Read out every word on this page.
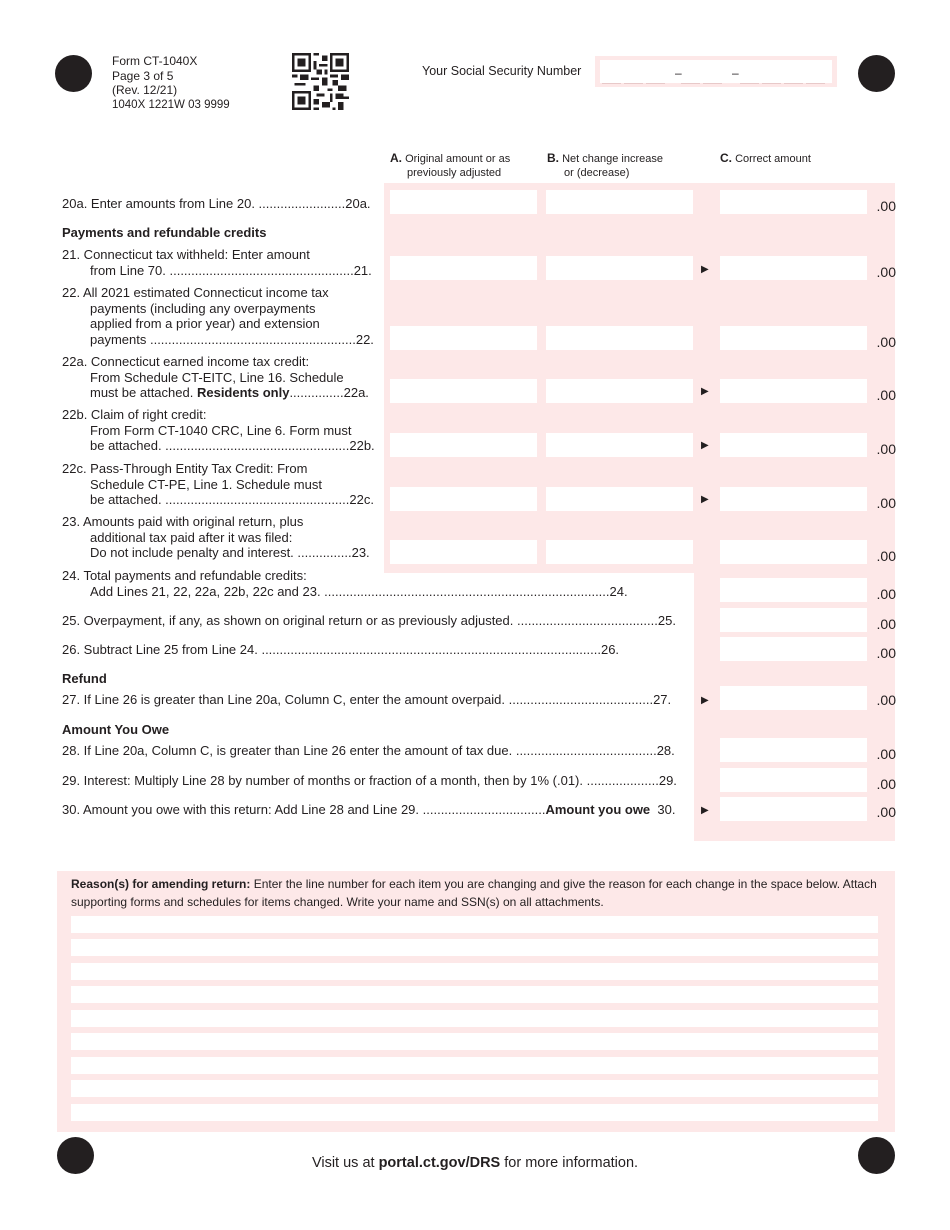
Form CT-1040X
Page 3 of 5
(Rev. 12/21)
1040X 1221W 03 9999
Your Social Security Number	–	–
A. Original amount or as
previously adjusted
B. Net change increase
or (decrease)
C. Correct amount
20a. Enter amounts from Line 20. ........................20a.	.00
Payments and refundable credits
21. Connecticut tax withheld: Enter amount
from Line 70. ...................................................21.	▶	.00
22. All 2021 estimated Connecticut income tax
payments (including any overpayments
applied from a prior year) and extension
payments .........................................................22.	.00
22a. Connecticut earned income tax credit:
From Schedule CT-EITC, Line 16. Schedule
must be attached. Residents only...............22a.	▶	.00
22b. Claim of right credit:
From Form CT-1040 CRC, Line 6. Form must
be attached. ...................................................22b.	▶	.00
22c. Pass-Through Entity Tax Credit: From
Schedule CT-PE, Line 1. Schedule must
be attached. ...................................................22c.	▶	.00
23. Amounts paid with original return, plus
additional tax paid after it was filed:
Do not include penalty and interest. ...............23.	.00
24. Total payments and refundable credits:
Add Lines 21, 22, 22a, 22b, 22c and 23. ...............................................................................24.	.00
25. Overpayment, if any, as shown on original return or as previously adjusted. .......................................25.	.00
26. Subtract Line 25 from Line 24. ..............................................................................................26.	.00
Refund
27. If Line 26 is greater than Line 20a, Column C, enter the amount overpaid. ........................................27.	▶	.00
Amount You Owe
28. If Line 20a, Column C, is greater than Line 26 enter the amount of tax due. .......................................28.	.00
29. Interest: Multiply Line 28 by number of months or fraction of a month, then by 1% (.01). ....................29.	.00
30. Amount you owe with this return: Add Line 28 and Line 29. ..................................Amount you owe 30.	▶	.00
Reason(s) for amending return: Enter the line number for each item you are changing and give the reason for each change in the space below. Attach supporting forms and schedules for items changed. Write your name and SSN(s) on all attachments.
Visit us at portal.ct.gov/DRS for more information.
